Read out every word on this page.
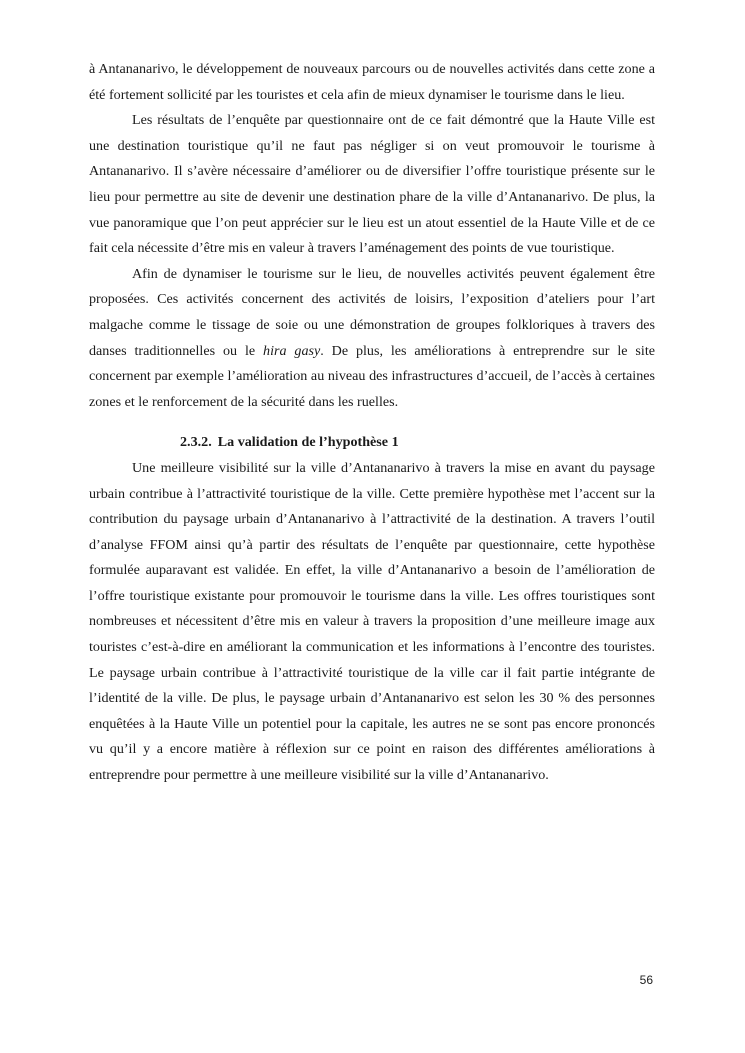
à Antananarivo, le développement de nouveaux parcours ou de nouvelles activités dans cette zone a été fortement sollicité par les touristes et cela afin de mieux dynamiser le tourisme dans le lieu.

Les résultats de l’enquête par questionnaire ont de ce fait démontré que la Haute Ville est une destination touristique qu’il ne faut pas négliger si on veut promouvoir le tourisme à Antananarivo. Il s’avère nécessaire d’améliorer ou de diversifier l’offre touristique présente sur le lieu pour permettre au site de devenir une destination phare de la ville d’Antananarivo. De plus, la vue panoramique que l’on peut apprécier sur le lieu est un atout essentiel de la Haute Ville et de ce fait cela nécessite d’être mis en valeur à travers l’aménagement des points de vue touristique.

Afin de dynamiser le tourisme sur le lieu, de nouvelles activités peuvent également être proposées. Ces activités concernent des activités de loisirs, l’exposition d’ateliers pour l’art malgache comme le tissage de soie ou une démonstration de groupes folkloriques à travers des danses traditionnelles ou le hira gasy. De plus, les améliorations à entreprendre sur le site concernent par exemple l’amélioration au niveau des infrastructures d’accueil, de l’accès à certaines zones et le renforcement de la sécurité dans les ruelles.

2.3.2. La validation de l’hypothèse 1

Une meilleure visibilité sur la ville d’Antananarivo à travers la mise en avant du paysage urbain contribue à l’attractivité touristique de la ville. Cette première hypothèse met l’accent sur la contribution du paysage urbain d’Antananarivo à l’attractivité de la destination. A travers l’outil d’analyse FFOM ainsi qu’à partir des résultats de l’enquête par questionnaire, cette hypothèse formulée auparavant est validée. En effet, la ville d’Antananarivo a besoin de l’amélioration de l’offre touristique existante pour promouvoir le tourisme dans la ville. Les offres touristiques sont nombreuses et nécessitent d’être mis en valeur à travers la proposition d’une meilleure image aux touristes c’est-à-dire en améliorant la communication et les informations à l’encontre des touristes. Le paysage urbain contribue à l’attractivité touristique de la ville car il fait partie intégrante de l’identité de la ville. De plus, le paysage urbain d’Antananarivo est selon les 30 % des personnes enquêtées à la Haute Ville un potentiel pour la capitale, les autres ne se sont pas encore prononcés vu qu’il y a encore matière à réflexion sur ce point en raison des différentes améliorations à entreprendre pour permettre à une meilleure visibilité sur la ville d’Antananarivo.

56
